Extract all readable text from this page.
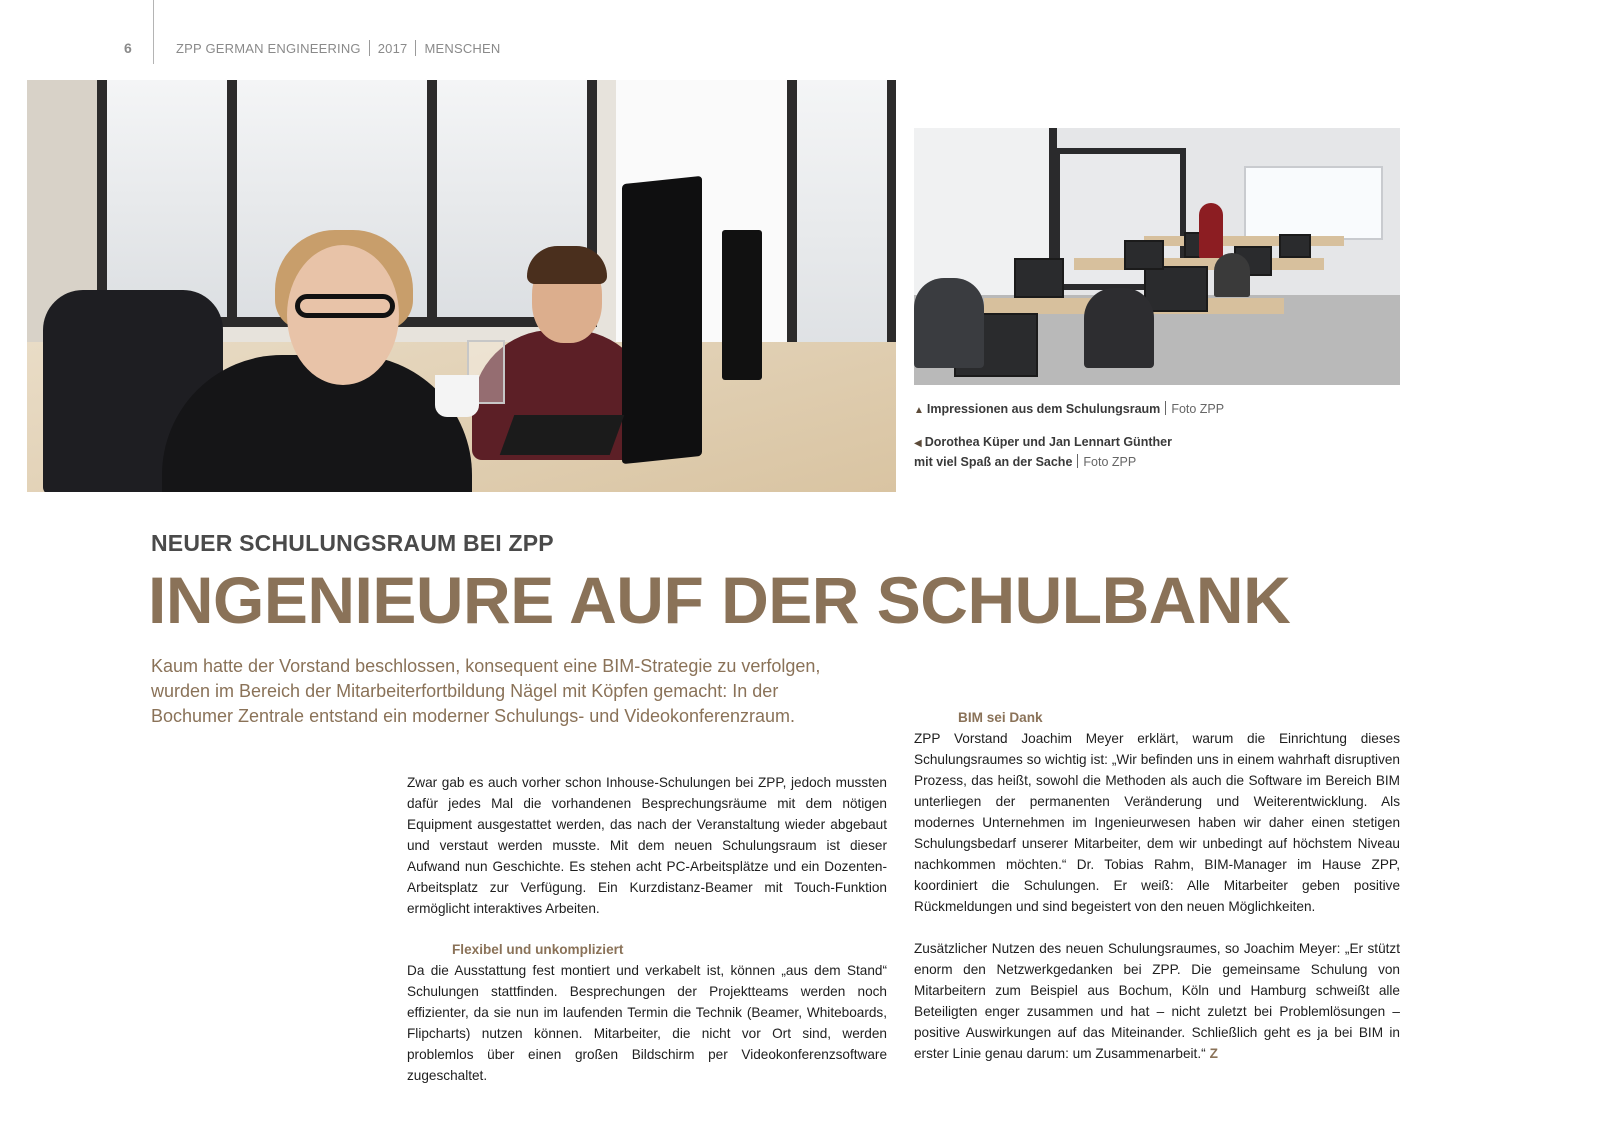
6	ZPP GERMAN ENGINEERING 2017 MENSCHEN
▲ Impressionen aus dem Schulungsraum Foto ZPP
◀ Dorothea Küper und Jan Lennart Günther
mit viel Spaß an der Sache Foto ZPP
NEUER SCHULUNGSRAUM BEI ZPP
INGENIEURE AUF DER SCHULBANK
Kaum hatte der Vorstand beschlossen, konsequent eine BIM-Strategie zu verfolgen, wurden im Bereich der Mitarbeiterfortbildung Nägel mit Köpfen gemacht: In der Bochumer Zentrale entstand ein moderner Schulungs- und Videokonferenzraum.

Zwar gab es auch vorher schon Inhouse-Schulungen bei ZPP, jedoch mussten dafür jedes Mal die vorhandenen Besprechungsräume mit dem nötigen Equipment ausgestattet werden, das nach der Veranstaltung wieder abgebaut und verstaut werden musste. Mit dem neuen Schulungsraum ist dieser Aufwand nun Geschichte. Es stehen acht PC-Arbeitsplätze und ein Dozenten-Arbeitsplatz zur Verfügung. Ein Kurzdistanz-Beamer mit Touch-Funktion ermöglicht interaktives Arbeiten.

Flexibel und unkompliziert

Da die Ausstattung fest montiert und verkabelt ist, können „aus dem Stand“ Schulungen stattfinden. Besprechungen der Projektteams werden noch effizienter, da sie nun im laufenden Termin die Technik (Beamer, Whiteboards, Flipcharts) nutzen können. Mitarbeiter, die nicht vor Ort sind, werden problemlos über einen großen Bildschirm per Videokonferenzsoftware zugeschaltet.

BIM sei Dank

ZPP Vorstand Joachim Meyer erklärt, warum die Einrichtung dieses Schulungsraumes so wichtig ist: „Wir befinden uns in einem wahrhaft disruptiven Prozess, das heißt, sowohl die Methoden als auch die Software im Bereich BIM unterliegen der permanenten Veränderung und Weiterentwicklung. Als modernes Unternehmen im Ingenieurwesen haben wir daher einen stetigen Schulungsbedarf unserer Mitarbeiter, dem wir unbedingt auf höchstem Niveau nachkommen möchten.“ Dr. Tobias Rahm, BIM-Manager im Hause ZPP, koordiniert die Schulungen. Er weiß: Alle Mitarbeiter geben positive Rückmeldungen und sind begeistert von den neuen Möglichkeiten.

Zusätzlicher Nutzen des neuen Schulungsraumes, so Joachim Meyer: „Er stützt enorm den Netzwerkgedanken bei ZPP. Die gemeinsame Schulung von Mitarbeitern zum Beispiel aus Bochum, Köln und Hamburg schweißt alle Beteiligten enger zusammen und hat – nicht zuletzt bei Problemlösungen – positive Auswirkungen auf das Miteinander. Schließlich geht es ja bei BIM in erster Linie genau darum: um Zusammenarbeit.“ Z
